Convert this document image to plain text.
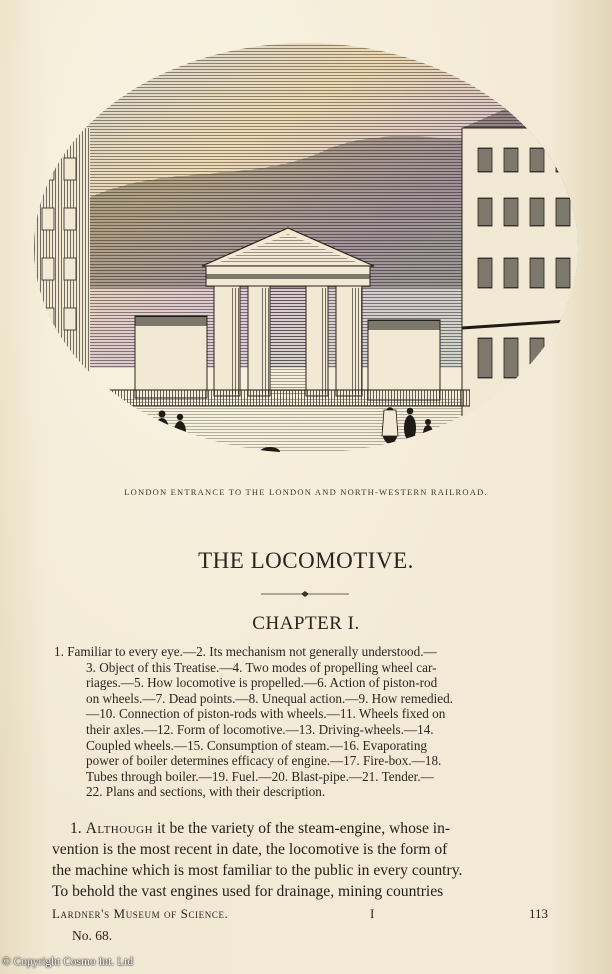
LONDON ENTRANCE TO THE LONDON AND NORTH-WESTERN RAILROAD.
THE LOCOMOTIVE.
CHAPTER I.
1. Familiar to every eye.—2. Its mechanism not generally understood.—
3. Object of this Treatise.—4. Two modes of propelling wheel car-
riages.—5. How locomotive is propelled.—6. Action of piston-rod
on wheels.—7. Dead points.—8. Unequal action.—9. How remedied.
—10. Connection of piston-rods with wheels.—11. Wheels fixed on
their axles.—12. Form of locomotive.—13. Driving-wheels.—14.
Coupled wheels.—15. Consumption of steam.—16. Evaporating
power of boiler determines efficacy of engine.—17. Fire-box.—18.
Tubes through boiler.—19. Fuel.—20. Blast-pipe.—21. Tender.—
22. Plans and sections, with their description.
1. Although it be the variety of the steam-engine, whose in-
vention is the most recent in date, the locomotive is the form of
the machine which is most familiar to the public in every country.
To behold the vast engines used for drainage, mining countries
Lardner's Museum of Science.	I	113
No. 68.
© Copyright Cosmo Int. Ltd
